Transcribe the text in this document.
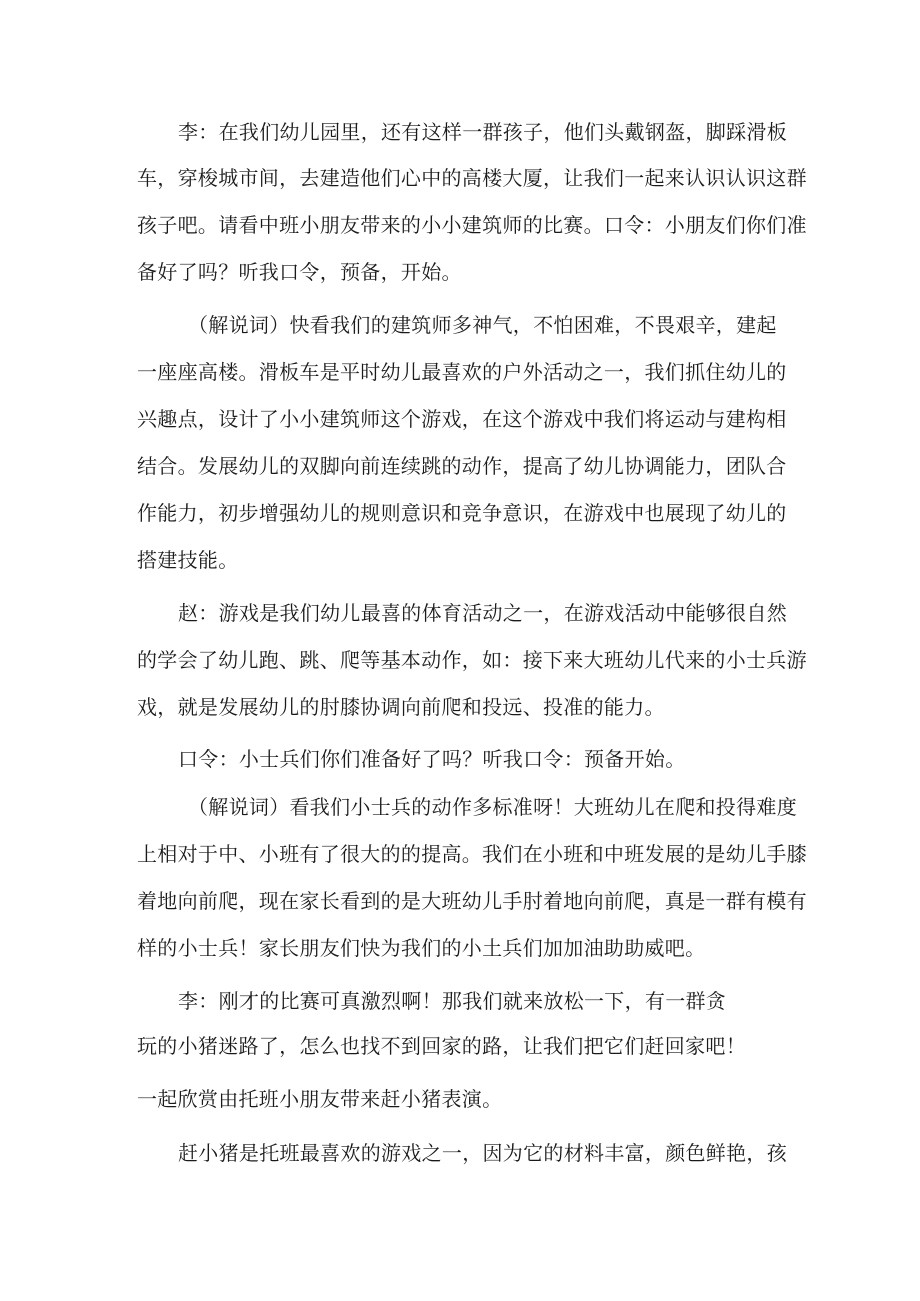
李：在我们幼儿园里，还有这样一群孩子，他们头戴钢盔，脚踩滑板
车，穿梭城市间，去建造他们心中的高楼大厦，让我们一起来认识认识这群
孩子吧。请看中班小朋友带来的小小建筑师的比赛。口令：小朋友们你们准
备好了吗？听我口令，预备，开始。
（解说词）快看我们的建筑师多神气，不怕困难，不畏艰辛，建起
一座座高楼。滑板车是平时幼儿最喜欢的户外活动之一，我们抓住幼儿的
兴趣点，设计了小小建筑师这个游戏，在这个游戏中我们将运动与建构相
结合。发展幼儿的双脚向前连续跳的动作，提高了幼儿协调能力，团队合
作能力，初步增强幼儿的规则意识和竞争意识，在游戏中也展现了幼儿的
搭建技能。
赵：游戏是我们幼儿最喜的体育活动之一，在游戏活动中能够很自然
的学会了幼儿跑、跳、爬等基本动作，如：接下来大班幼儿代来的小士兵游
戏，就是发展幼儿的肘膝协调向前爬和投远、投准的能力。
口令：小士兵们你们准备好了吗？听我口令：预备开始。
（解说词）看我们小士兵的动作多标准呀！大班幼儿在爬和投得难度
上相对于中、小班有了很大的的提高。我们在小班和中班发展的是幼儿手膝
着地向前爬，现在家长看到的是大班幼儿手肘着地向前爬，真是一群有模有
样的小士兵！家长朋友们快为我们的小土兵们加加油助助威吧。
李：刚才的比赛可真激烈啊！那我们就来放松一下，有一群贪
玩的小猪迷路了，怎么也找不到回家的路，让我们把它们赶回家吧！
一起欣赏由托班小朋友带来赶小猪表演。
赶小猪是托班最喜欢的游戏之一，因为它的材料丰富，颜色鲜艳，孩
